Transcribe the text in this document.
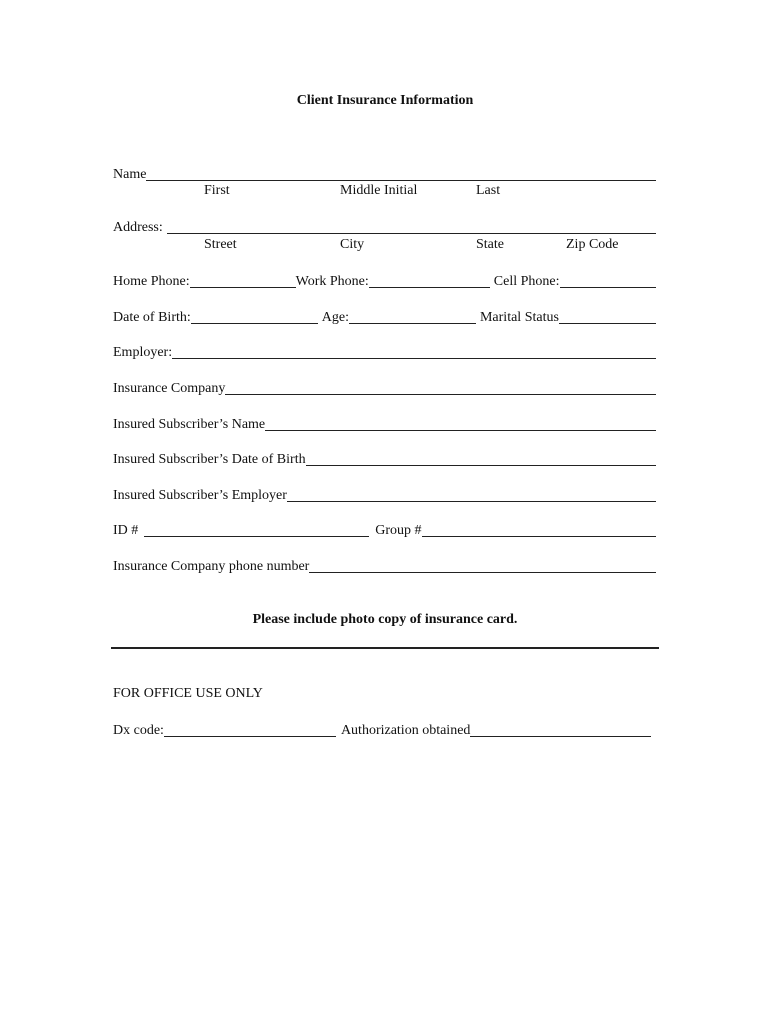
Client Insurance Information
Name
First	Middle Initial	Last
Address:
Street	City	State	Zip Code
Home Phone:	Work Phone:	Cell Phone:
Date of Birth:	Age:	Marital Status
Employer:
Insurance Company
Insured Subscriber’s Name
Insured Subscriber’s Date of Birth
Insured Subscriber’s Employer
ID #	Group #
Insurance Company phone number
Please include photo copy of insurance card.
FOR OFFICE USE ONLY
Dx code:	Authorization obtained
